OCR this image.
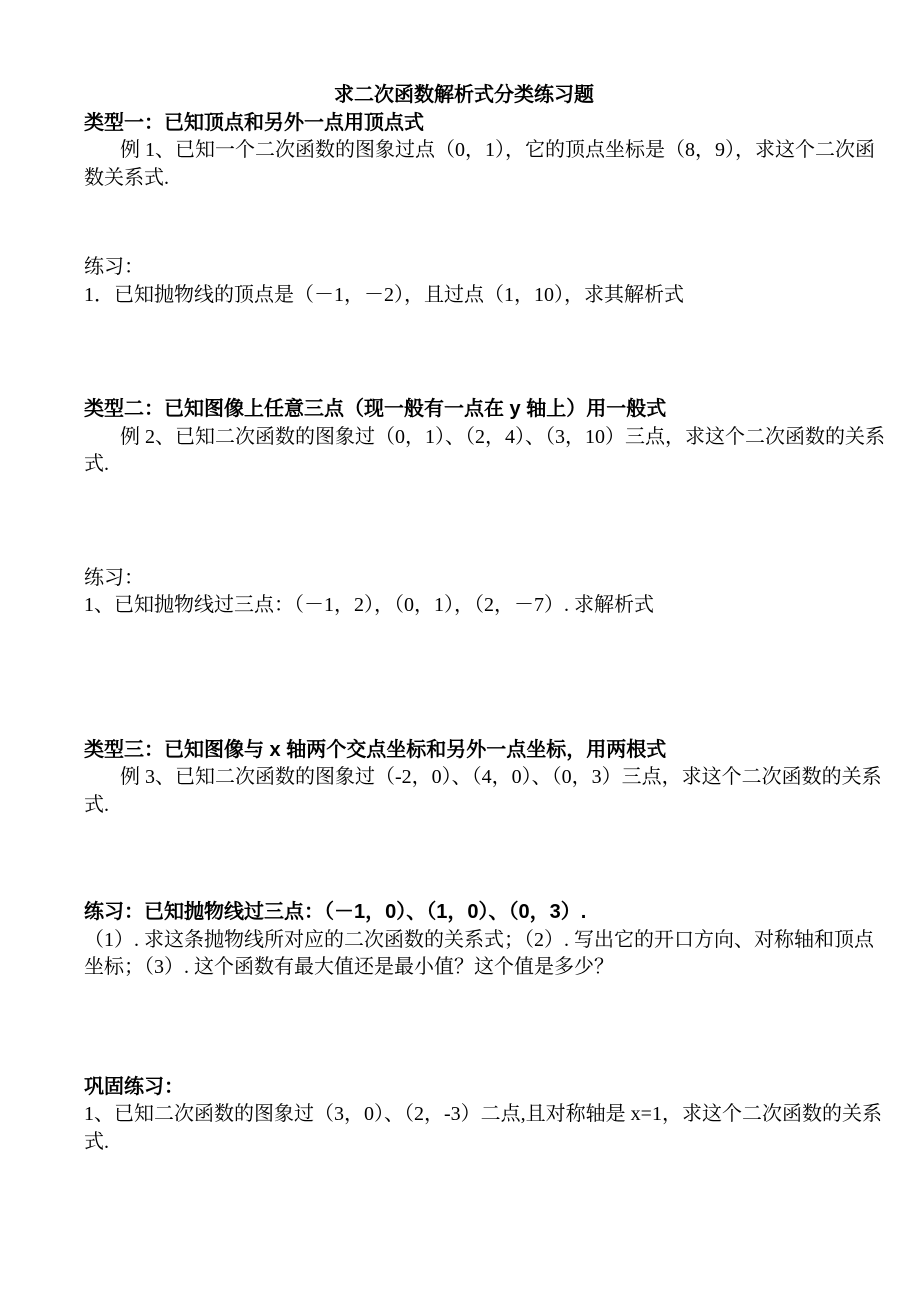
求二次函数解析式分类练习题
类型一：已知顶点和另外一点用顶点式
例 1、已知一个二次函数的图象过点（0，1），它的顶点坐标是（8，9），求这个二次函
数关系式.
练习：
1．已知抛物线的顶点是（－1，－2），且过点（1，10），求其解析式
类型二：已知图像上任意三点（现一般有一点在 y 轴上）用一般式
例 2、已知二次函数的图象过（0，1）、（2，4）、（3，10）三点，求这个二次函数的关系
式.
练习：
1、已知抛物线过三点：（－1，2），（0，1），（2，－7）. 求解析式
类型三：已知图像与 x 轴两个交点坐标和另外一点坐标，用两根式
例 3、已知二次函数的图象过（-2，0）、（4，0）、（0，3）三点，求这个二次函数的关系
式.
练习：已知抛物线过三点：（－1，0）、（1，0）、（0，3）.
（1）. 求这条抛物线所对应的二次函数的关系式；（2）. 写出它的开口方向、对称轴和顶点
坐标；（3）. 这个函数有最大值还是最小值？这个值是多少？
巩固练习：
1、已知二次函数的图象过（3，0）、（2，-3）二点,且对称轴是 x=1，求这个二次函数的关系
式.
